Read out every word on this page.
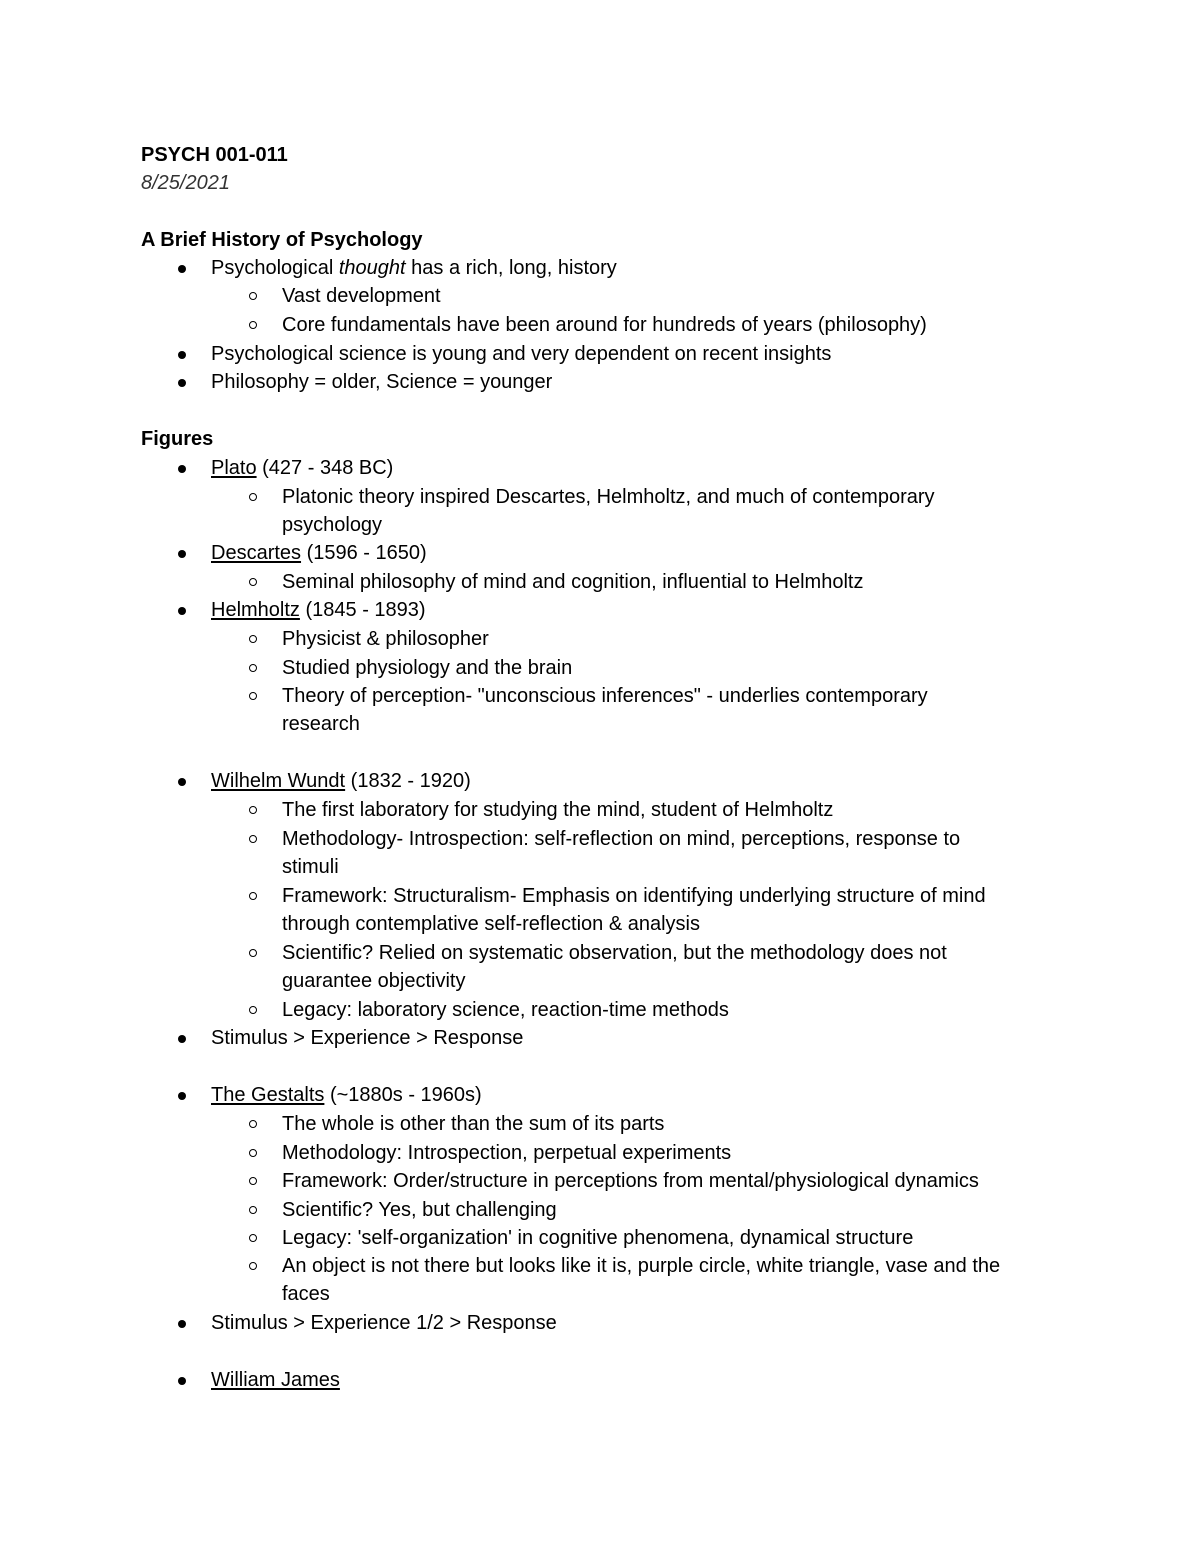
PSYCH 001-011
8/25/2021
A Brief History of Psychology
Psychological thought has a rich, long, history
Vast development
Core fundamentals have been around for hundreds of years (philosophy)
Psychological science is young and very dependent on recent insights
Philosophy = older, Science = younger
Figures
Plato (427 - 348 BC)
Platonic theory inspired Descartes, Helmholtz, and much of contemporary
psychology
Descartes (1596 - 1650)
Seminal philosophy of mind and cognition, influential to Helmholtz
Helmholtz (1845 - 1893)
Physicist & philosopher
Studied physiology and the brain
Theory of perception- "unconscious inferences" - underlies contemporary
research
Wilhelm Wundt (1832 - 1920)
The first laboratory for studying the mind, student of Helmholtz
Methodology- Introspection: self-reflection on mind, perceptions, response to
stimuli
Framework: Structuralism- Emphasis on identifying underlying structure of mind
through contemplative self-reflection & analysis
Scientific? Relied on systematic observation, but the methodology does not
guarantee objectivity
Legacy: laboratory science, reaction-time methods
Stimulus > Experience > Response
The Gestalts (~1880s - 1960s)
The whole is other than the sum of its parts
Methodology: Introspection, perpetual experiments
Framework: Order/structure in perceptions from mental/physiological dynamics
Scientific? Yes, but challenging
Legacy: 'self-organization' in cognitive phenomena, dynamical structure
An object is not there but looks like it is, purple circle, white triangle, vase and the
faces
Stimulus > Experience 1/2 > Response
William James
